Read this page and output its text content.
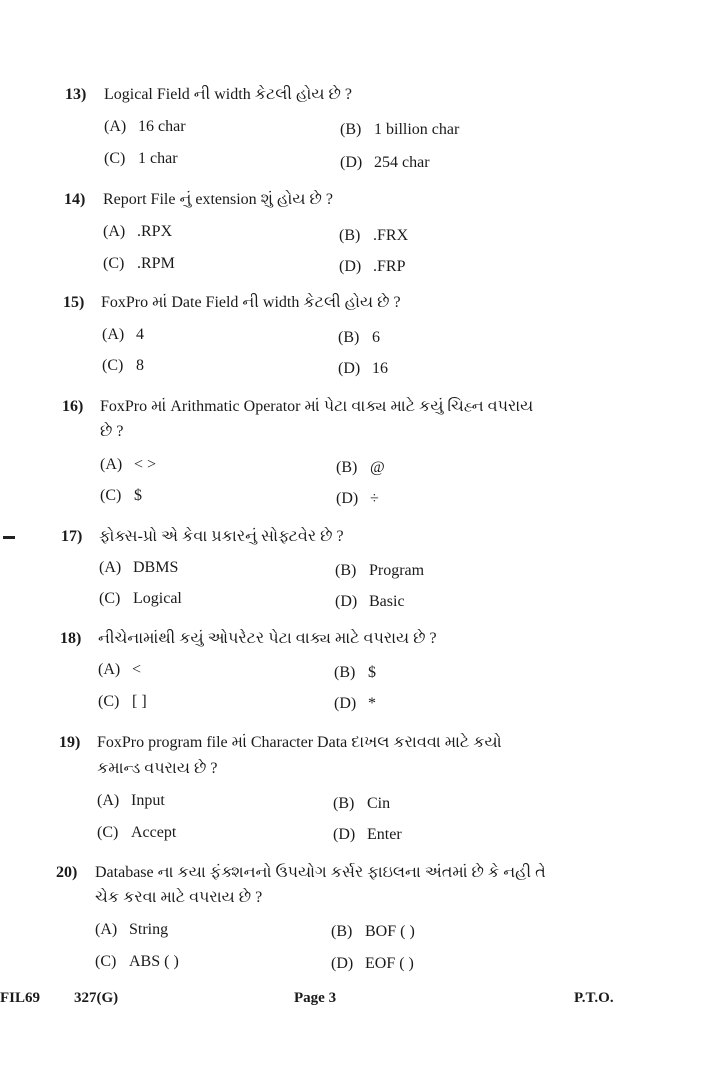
13) Logical Field ની width કેટલી હોય છે ?
(A) 16 char	(B) 1 billion char
(C) 1 char	(D) 254 char
14) Report File નું extension શું હોય છે ?
(A) .RPX	(B) .FRX
(C) .RPM	(D) .FRP
15) FoxPro માં Date Field ની width કેટલી હોય છે ?
(A) 4	(B) 6
(C) 8	(D) 16
16) FoxPro માં Arithmatic Operator માં પેટા વાક્ય માટે કયું ચિહ્ન વપરાય
છે ?
(A) < >	(B) @
(C) $	(D) ÷
17) ફોક્સ-પ્રો એ કેવા પ્રકારનું સોફ્ટવેર છે ?
(A) DBMS	(B) Program
(C) Logical	(D) Basic
18) નીચેનામાંથી કયું ઓપરેટર પેટા વાક્ય માટે વપરાય છે ?
(A) <	(B) $
(C) [ ]	(D) *
19) FoxPro program file માં Character Data દાખલ કરાવવા માટે કયો
કમાન્ડ વપરાય છે ?
(A) Input	(B) Cin
(C) Accept	(D) Enter
20) Database ના કયા ફંક્શનનો ઉપયોગ કર્સર ફાઇલના અંતમાં છે કે નહી તે
ચેક કરવા માટે વપરાય છે ?
(A) String	(B) BOF ( )
(C) ABS ( )	(D) EOF ( )
FIL69 327(G)	Page 3	P.T.O.
